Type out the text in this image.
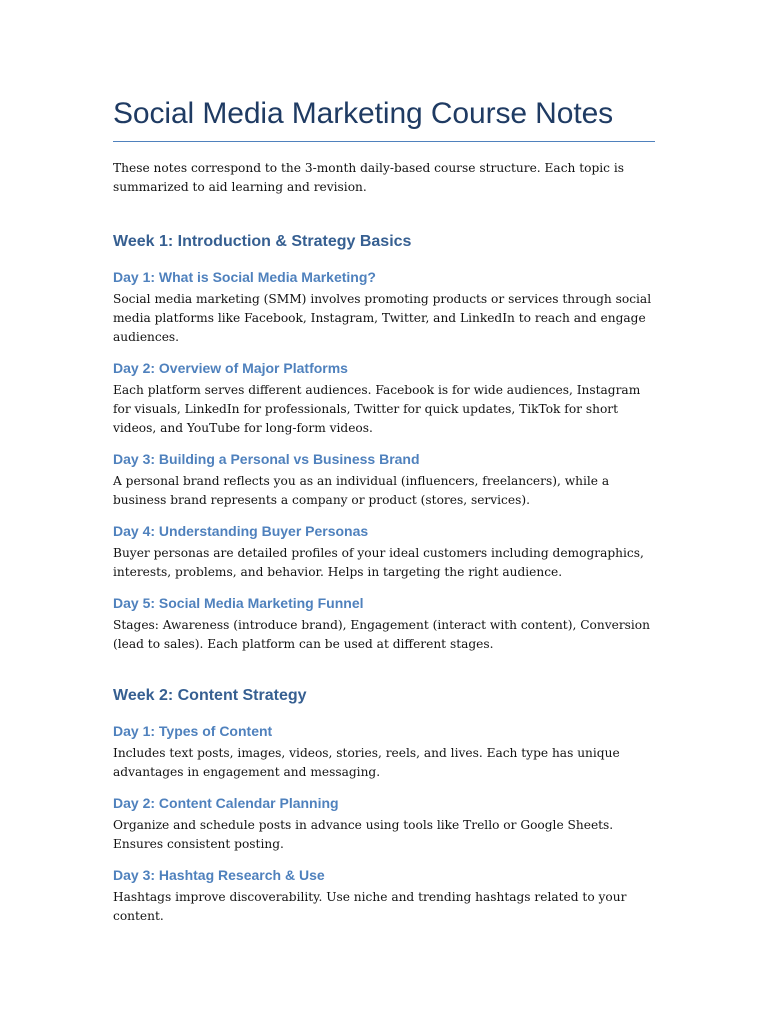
Social Media Marketing Course Notes

These notes correspond to the 3-month daily-based course structure. Each topic is summarized to aid learning and revision.

Week 1: Introduction & Strategy Basics
Day 1: What is Social Media Marketing?

Social media marketing (SMM) involves promoting products or services through social media platforms like Facebook, Instagram, Twitter, and LinkedIn to reach and engage audiences.

Day 2: Overview of Major Platforms

Each platform serves different audiences. Facebook is for wide audiences, Instagram for visuals, LinkedIn for professionals, Twitter for quick updates, TikTok for short videos, and YouTube for long-form videos.

Day 3: Building a Personal vs Business Brand

A personal brand reflects you as an individual (influencers, freelancers), while a business brand represents a company or product (stores, services).

Day 4: Understanding Buyer Personas

Buyer personas are detailed profiles of your ideal customers including demographics, interests, problems, and behavior. Helps in targeting the right audience.

Day 5: Social Media Marketing Funnel

Stages: Awareness (introduce brand), Engagement (interact with content), Conversion (lead to sales). Each platform can be used at different stages.

Week 2: Content Strategy
Day 1: Types of Content

Includes text posts, images, videos, stories, reels, and lives. Each type has unique advantages in engagement and messaging.

Day 2: Content Calendar Planning

Organize and schedule posts in advance using tools like Trello or Google Sheets. Ensures consistent posting.

Day 3: Hashtag Research & Use

Hashtags improve discoverability. Use niche and trending hashtags related to your content.
